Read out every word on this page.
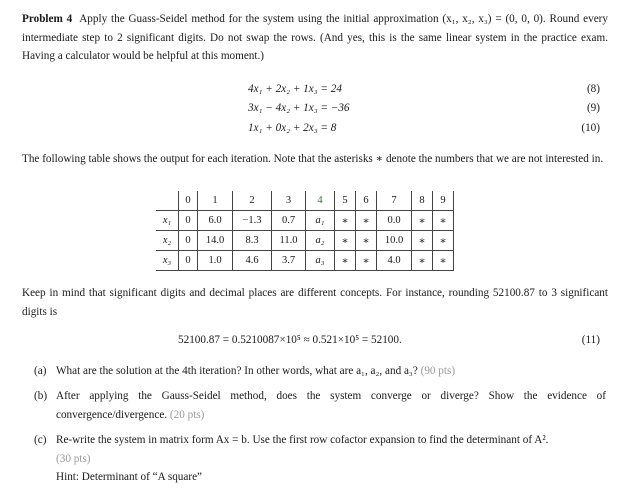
Problem 4 Apply the Guass-Seidel method for the system using the initial approximation (x₁, x₂, x₃) = (0, 0, 0). Round every intermediate step to 2 significant digits. Do not swap the rows. (And yes, this is the same linear system in the practice exam. Having a calculator would be helpful at this moment.)
4x₁ + 2x₂ + 1x₃ = 24	(8)
3x₁ − 4x₂ + 1x₃ = −36	(9)
1x₁ + 0x₂ + 2x₃ = 8	(10)
The following table shows the output for each iteration. Note that the asterisks ∗ denote the numbers that we are not interested in.
	0	1	2	3	4	5	6	7	8	9
x₁	0	6.0	−1.3	0.7	a₁	∗	∗	0.0	∗	∗
x₂	0	14.0	8.3	11.0	a₂	∗	∗	10.0	∗	∗
x₃	0	1.0	4.6	3.7	a₃	∗	∗	4.0	∗	∗
Keep in mind that significant digits and decimal places are different concepts. For instance, rounding 52100.87 to 3 significant digits is
52100.87 = 0.5210087×10⁵ ≈ 0.521×10⁵ = 52100.	(11)
(a) What are the solution at the 4th iteration? In other words, what are a₁, a₂, and a₃? (90 pts)
(b) After applying the Gauss-Seidel method, does the system converge or diverge? Show the evidence of convergence/divergence. (20 pts)
(c) Re-write the system in matrix form Ax = b. Use the first row cofactor expansion to find the determinant of A².
(30 pts)
Hint: Determinant of “A square”
